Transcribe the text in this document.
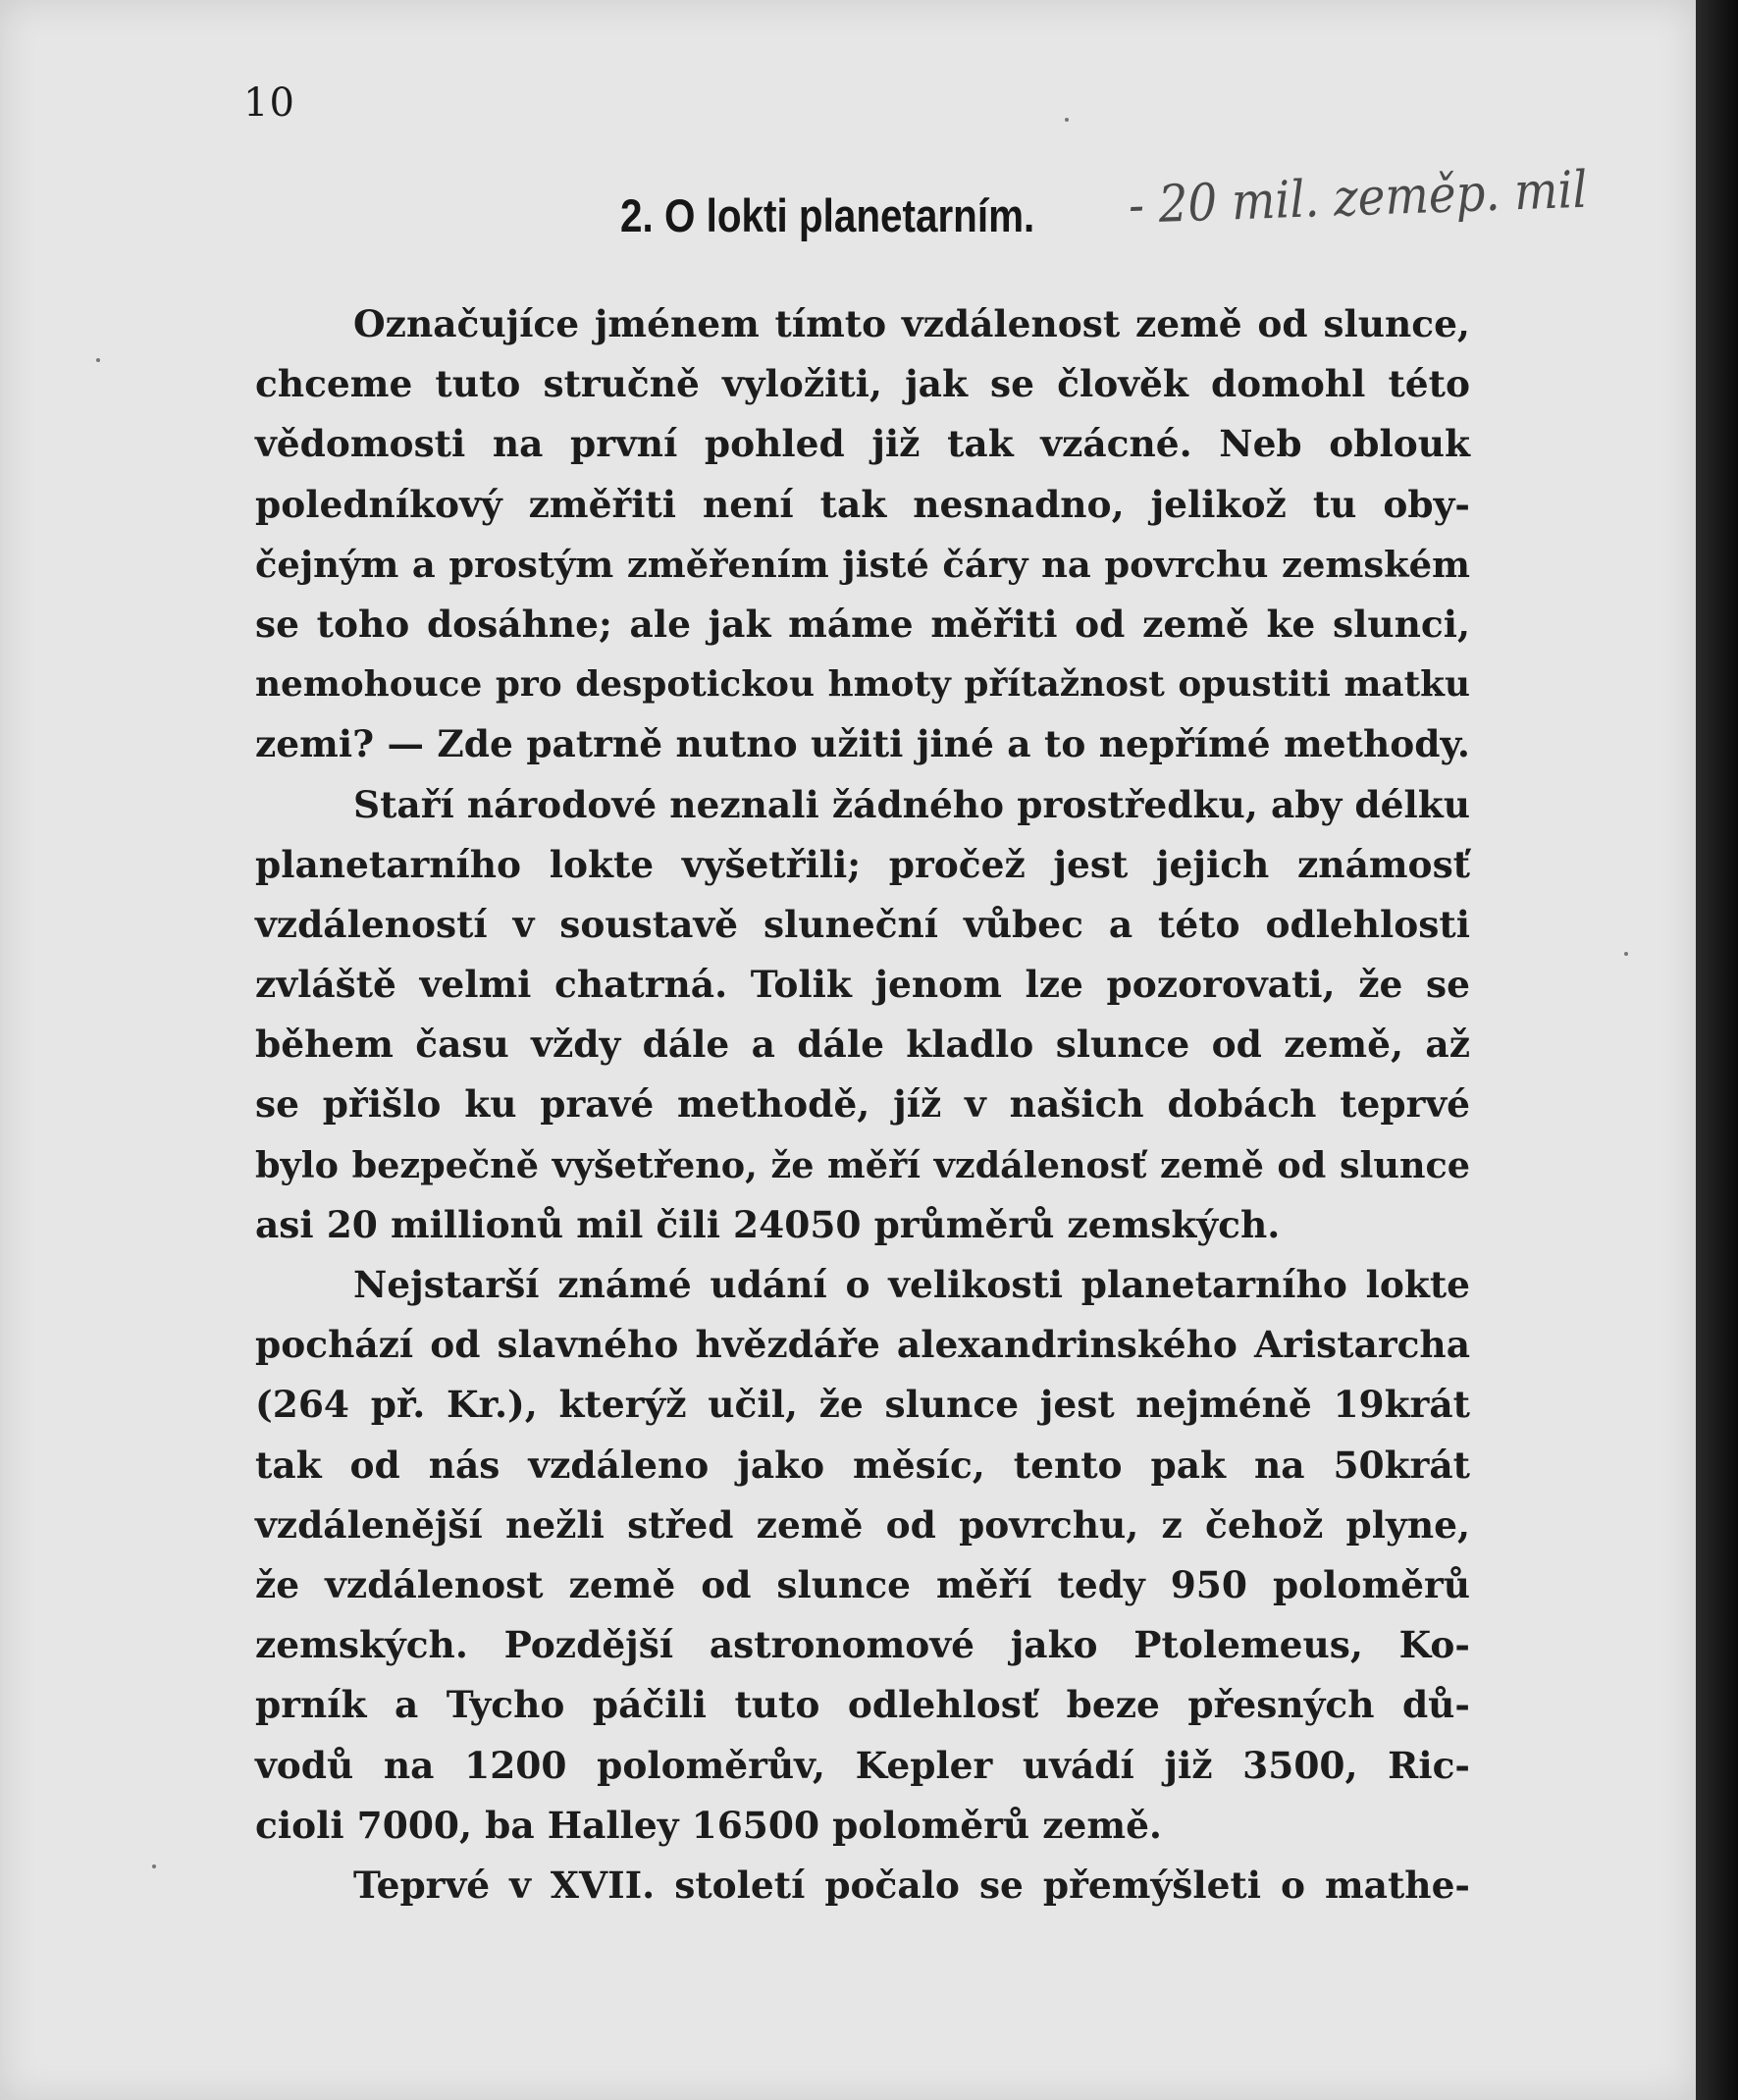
10
2. O lokti planetarním. - 20 mil. zeměp. mil

Označujíce jménem tímto vzdálenost země od slunce,
chceme tuto stručně vyložiti, jak se člověk domohl této
vědomosti na první pohled již tak vzácné. Neb oblouk
poledníkový změřiti není tak nesnadno, jelikož tu oby-
čejným a prostým změřením jisté čáry na povrchu zemském
se toho dosáhne; ale jak máme měřiti od země ke slunci,
nemohouce pro despotickou hmoty přítažnost opustiti matku
zemi? — Zde patrně nutno užiti jiné a to nepřímé methody.

Staří národové neznali žádného prostředku, aby délku
planetarního lokte vyšetřili; pročež jest jejich známosť
vzdáleností v soustavě sluneční vůbec a této odlehlosti
zvláště velmi chatrná. Tolik jenom lze pozorovati, že se
během času vždy dále a dále kladlo slunce od země, až
se přišlo ku pravé methodě, jíž v našich dobách teprvé
bylo bezpečně vyšetřeno, že měří vzdálenosť země od slunce
asi 20 millionů mil čili 24050 průměrů zemských.

Nejstarší známé udání o velikosti planetarního lokte
pochází od slavného hvězdáře alexandrinského Aristarcha
(264 př. Kr.), kterýž učil, že slunce jest nejméně 19krát
tak od nás vzdáleno jako měsíc, tento pak na 50krát
vzdálenější nežli střed země od povrchu, z čehož plyne,
že vzdálenost země od slunce měří tedy 950 poloměrů
zemských. Pozdější astronomové jako Ptolemeus, Ko-
prník a Tycho páčili tuto odlehlosť beze přesných dů-
vodů na 1200 poloměrův, Kepler uvádí již 3500, Ric-
cioli 7000, ba Halley 16500 poloměrů země.

Teprvé v XVII. století počalo se přemýšleti o mathe-
